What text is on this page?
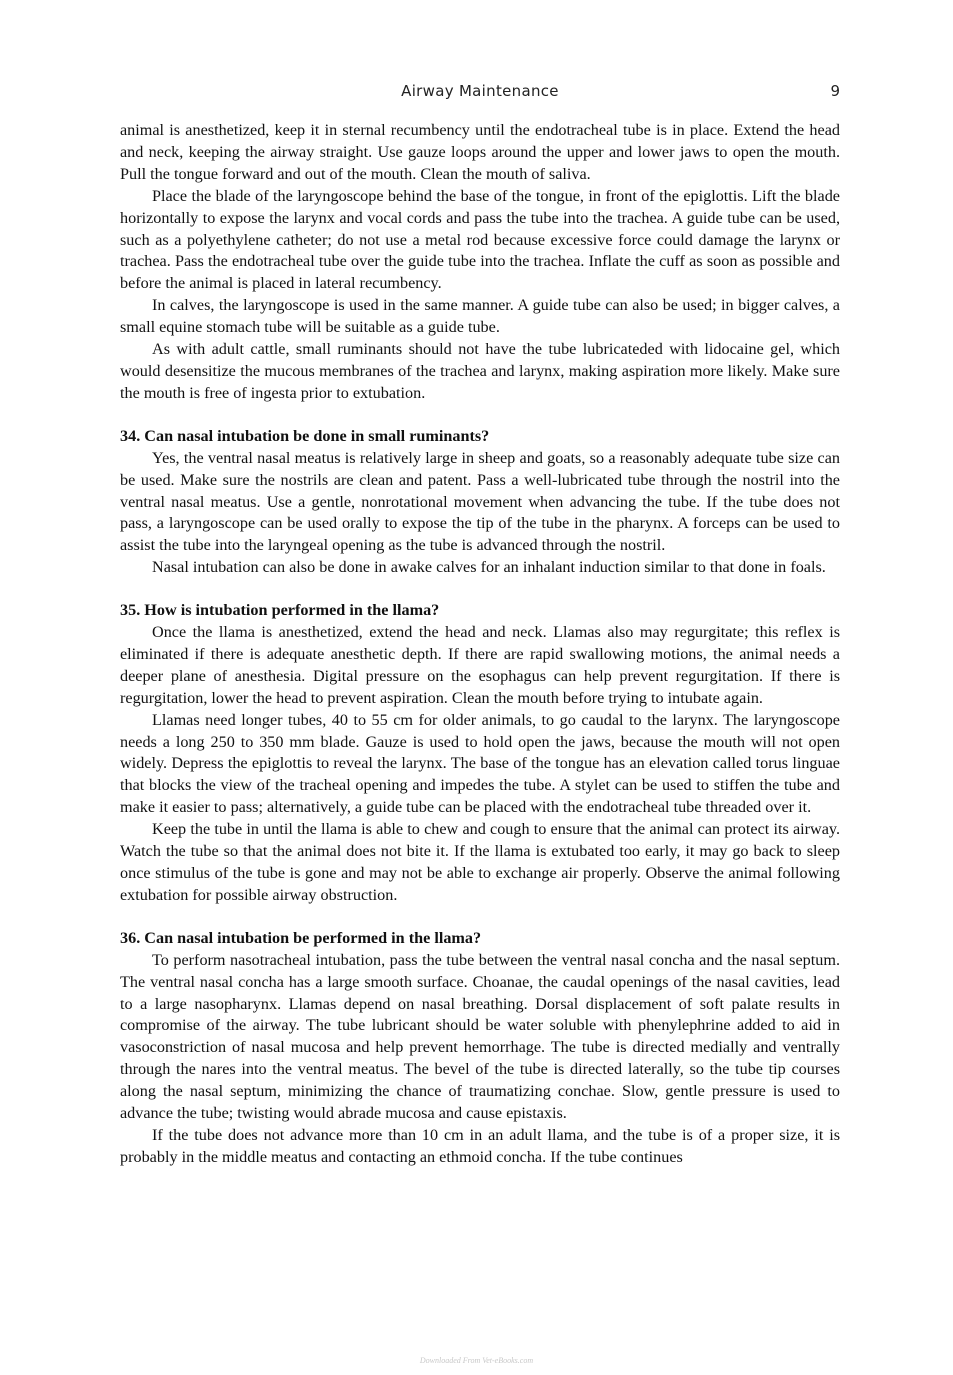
Airway Maintenance	9

animal is anesthetized, keep it in sternal recumbency until the endotracheal tube is in place. Extend the head and neck, keeping the airway straight. Use gauze loops around the upper and lower jaws to open the mouth. Pull the tongue forward and out of the mouth. Clean the mouth of saliva.

Place the blade of the laryngoscope behind the base of the tongue, in front of the epiglottis. Lift the blade horizontally to expose the larynx and vocal cords and pass the tube into the trachea. A guide tube can be used, such as a polyethylene catheter; do not use a metal rod because excessive force could damage the larynx or trachea. Pass the endotracheal tube over the guide tube into the trachea. Inflate the cuff as soon as possible and before the animal is placed in lateral recumbency.

In calves, the laryngoscope is used in the same manner. A guide tube can also be used; in bigger calves, a small equine stomach tube will be suitable as a guide tube.

As with adult cattle, small ruminants should not have the tube lubricateded with lidocaine gel, which would desensitize the mucous membranes of the trachea and larynx, making aspiration more likely. Make sure the mouth is free of ingesta prior to extubation.

34. Can nasal intubation be done in small ruminants?

Yes, the ventral nasal meatus is relatively large in sheep and goats, so a reasonably adequate tube size can be used. Make sure the nostrils are clean and patent. Pass a well-lubricated tube through the nostril into the ventral nasal meatus. Use a gentle, nonrotational movement when advancing the tube. If the tube does not pass, a laryngoscope can be used orally to expose the tip of the tube in the pharynx. A forceps can be used to assist the tube into the laryngeal opening as the tube is advanced through the nostril.

Nasal intubation can also be done in awake calves for an inhalant induction similar to that done in foals.

35. How is intubation performed in the llama?

Once the llama is anesthetized, extend the head and neck. Llamas also may regurgitate; this reflex is eliminated if there is adequate anesthetic depth. If there are rapid swallowing motions, the animal needs a deeper plane of anesthesia. Digital pressure on the esophagus can help prevent regurgitation. If there is regurgitation, lower the head to prevent aspiration. Clean the mouth before trying to intubate again.

Llamas need longer tubes, 40 to 55 cm for older animals, to go caudal to the larynx. The laryngoscope needs a long 250 to 350 mm blade. Gauze is used to hold open the jaws, because the mouth will not open widely. Depress the epiglottis to reveal the larynx. The base of the tongue has an elevation called torus linguae that blocks the view of the tracheal opening and impedes the tube. A stylet can be used to stiffen the tube and make it easier to pass; alternatively, a guide tube can be placed with the endotracheal tube threaded over it.

Keep the tube in until the llama is able to chew and cough to ensure that the animal can protect its airway. Watch the tube so that the animal does not bite it. If the llama is extubated too early, it may go back to sleep once stimulus of the tube is gone and may not be able to exchange air properly. Observe the animal following extubation for possible airway obstruction.

36. Can nasal intubation be performed in the llama?

To perform nasotracheal intubation, pass the tube between the ventral nasal concha and the nasal septum. The ventral nasal concha has a large smooth surface. Choanae, the caudal openings of the nasal cavities, lead to a large nasopharynx. Llamas depend on nasal breathing. Dorsal displacement of soft palate results in compromise of the airway. The tube lubricant should be water soluble with phenylephrine added to aid in vasoconstriction of nasal mucosa and help prevent hemorrhage. The tube is directed medially and ventrally through the nares into the ventral meatus. The bevel of the tube is directed laterally, so the tube tip courses along the nasal septum, minimizing the chance of traumatizing conchae. Slow, gentle pressure is used to advance the tube; twisting would abrade mucosa and cause epistaxis.

If the tube does not advance more than 10 cm in an adult llama, and the tube is of a proper size, it is probably in the middle meatus and contacting an ethmoid concha. If the tube continues

Downloaded From Vet-eBooks.com
